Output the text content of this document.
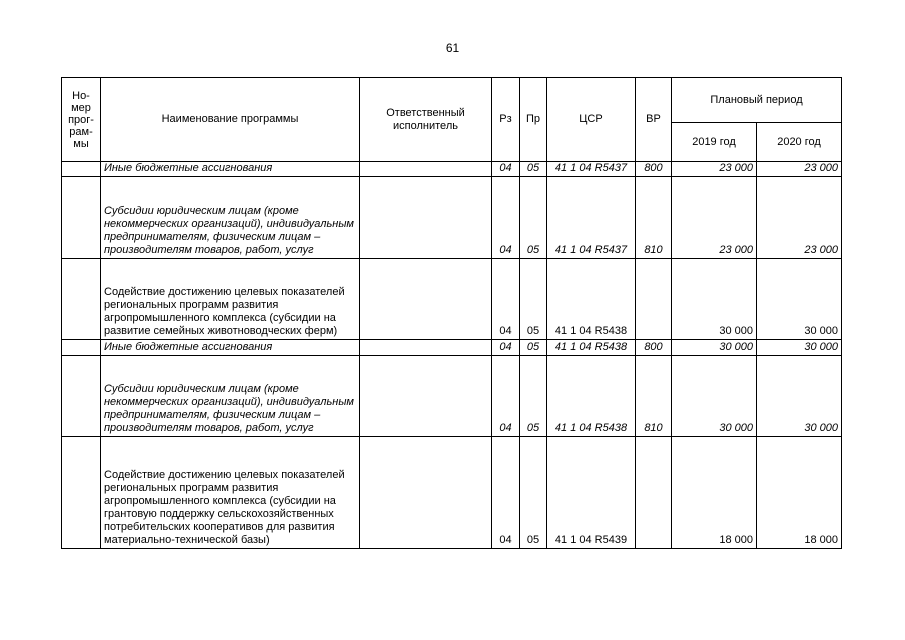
61
Но-мер прог-рам-мы	Наименование программы	Ответственный исполнитель	Рз	Пр	ЦСР	ВР	Плановый период	
							2019 год	2020 год
	Иные бюджетные ассигнования		04	05	41 1 04 R5437	800	23 000	23 000
	Субсидии юридическим лицам (кроме некоммерческих организаций), индивидуальным предпринимателям, физическим лицам – производителям товаров, работ, услуг		04	05	41 1 04 R5437	810	23 000	23 000
	Содействие достижению целевых показателей региональных программ развития агропромышленного комплекса (субсидии на развитие семейных животноводческих ферм)		04	05	41 1 04 R5438		30 000	30 000
	Иные бюджетные ассигнования		04	05	41 1 04 R5438	800	30 000	30 000
	Субсидии юридическим лицам (кроме некоммерческих организаций), индивидуальным предпринимателям, физическим лицам – производителям товаров, работ, услуг		04	05	41 1 04 R5438	810	30 000	30 000
	Содействие достижению целевых показателей региональных программ развития агропромышленного комплекса (субсидии на грантовую поддержку сельскохозяйственных потребительских кооперативов для развития материально-технической базы)		04	05	41 1 04 R5439		18 000	18 000
